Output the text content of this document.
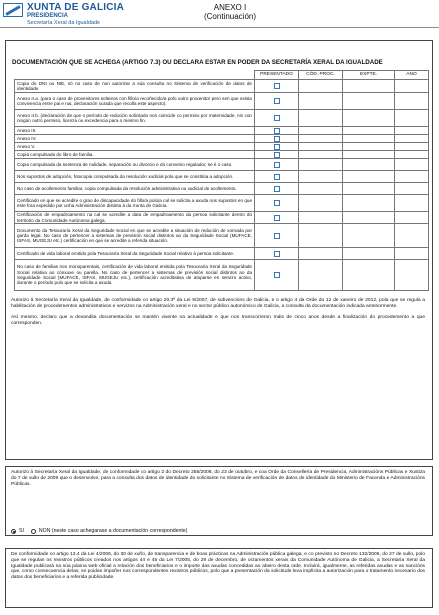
XUNTA DE GALICIA
PRESIDENCIA
Secretaría Xeral da Igualdade
ANEXO I
(Continuación)
DOCUMENTACIÓN QUE SE ACHEGA (ARTIGO 7.3) OU DECLARA ESTAR EN PODER DA SECRETARÍA XERAL DA IGUALDADE
	PRESENTADO	CÓD. PROC.	EXPTE.	ANO
Copia do DNI ou NIE, só no caso de non autorizar a súa consulta no Sistema de verificación de datos de identidade.	

Anexo II.a. (para o caso de proxenitores solteiros con fillo/a recoñecido/a polo outro proxenitor pero sen que exista convivencia entre pai e nai, declaración xurada que recolla este aspecto).	

Anexo II.b. (declaración de que o período de redución solicitado non coincide co permiso por maternidade, nin con ningún outro permiso, licenza ou excedencia para o mesmo fin.	

Anexo III.	

Anexo IV.	

Anexo V.	

Copia compulsada do libro de familia.	

Copia compulsada da sentenza de nulidade, separación ou divorcio e do convenio regulador, se é o caso.	

Nos supostos de adopción, fotocopia compulsada da resolución xudicial pola que se constitúa a adopción.	

No caso de acollemento familiar, copia compulsada da resolución administrativa ou xudicial de acollemento.	

Certificado en que se acredite o grao de discapacidade do fillo/a polo/a cal se solicita a axuda nos supostos en que este fora expedido por unha Administración distinta á da Xunta de Galicia.	

Certificación de empadroamento na cal se acredite a data de empadroamento da persoa solicitante dentro do territorio da Comunidade Autónoma galega.	

Documento da Tesouraría Xeral da Seguridade Social en que se acredite a situación de redución de xornada por garda legal. No caso de pertencer a sistemas de previsión social distintos ao da Seguridade Social (MUFACE, ISFAS, MUGEJU etc.) certificación en que se acredite a referida situación.	

Certificado de vida laboral emitido pola Tesouraría Xeral da Seguridade Social relativo á persoa solicitante.	

No caso de familias non monoparentais, certificación de vida laboral emitida pola Tesouraría Xeral da Seguridade Social relativa ao cónxuxe ou parella. No caso de pertencer a sistemas de previsión social distintos ao da Seguridade Social (MUFACE, ISFAS, MUGEJU etc.), certificación acreditativa de atoparse en servizo activo, durante o período polo que se solicita a axuda.	

Autorizo á Secretaría Xeral da Igualdade, de conformidade co artigo 20.3ª da Lei 9/2007, de subvencións de Galicia, e o artigo 4 da Orde do 12 de xaneiro de 2012, pola que se regula a habilitación de procedementos administrativos e servizos na Administración xeral e no sector público autonómico de Galicia, a consulta da documentación indicada anteriormente.
Así mesmo, declaro que a devandita documentación se mantén vixente na actualidade e que non transcorreron máis de cinco anos desde a finalización do procedemento a que corresponden.
Autorizo á Secretaría Xeral da Igualdade, de conformidade co artigo 2 do Decreto 255/2008, do 23 de outubro, e coa Orde da Consellería de Presidencia, Administracións Públicas e Xustiza do 7 de xullo de 2009 que o desenvolve, para a consulta dos datos de identidade do solicitante no Sistema de verificación de datos de identidade do Ministerio de Facenda e Administracións Públicas.
SI	NON (neste caso achegarase a documentación correspondente)
De conformidade co artigo 13.4 da Lei 4/2006, do 30 de xuño, de transparencia e de boas prácticas na Administración pública galega, e co previsto no Decreto 132/2006, do 27 de xullo, polo que se regulan os rexistros públicos creados nos artigos 44 e 45 da Lei 7/2005, do 29 de decembro, de orzamentos xerais da Comunidade Autónoma de Galicia, a Secretaría Xeral da Igualdade publicará na súa páxina web oficial a relación dos beneficiarios e o importe das axudas concedidas ao abeiro desta orde. Incluirá, igualmente, as referidas axudas e as sancións que, como consecuencia delas, se poidan impoñer nos correspondentes rexistros públicos, polo que a presentación da solicitude leva implícita a autorización para o tratamento necesario dos datos dos beneficiarios e a referida publicidade.
